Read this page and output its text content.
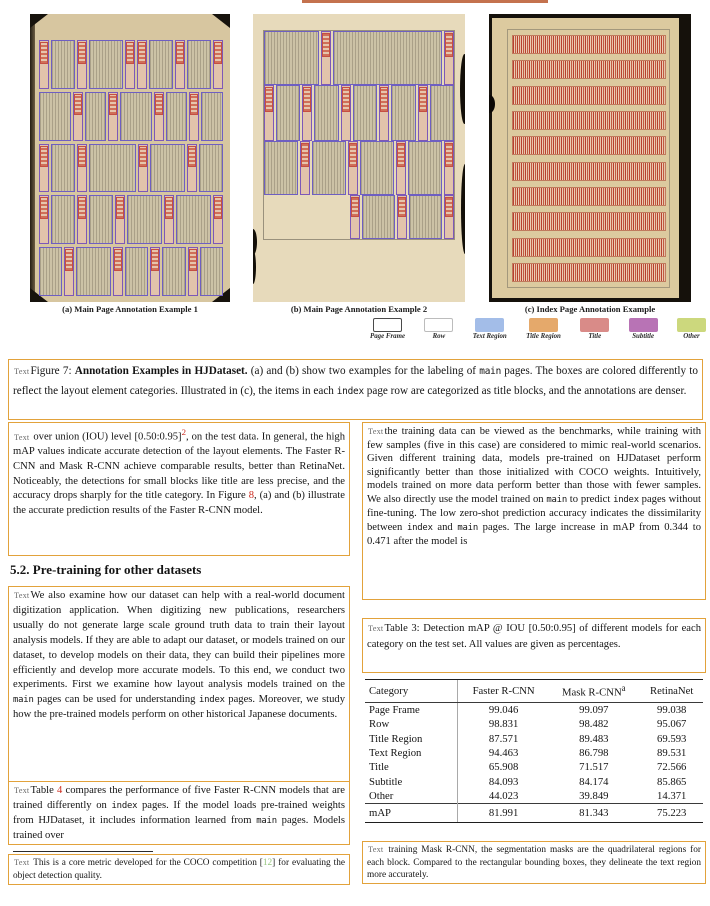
(a) Main Page Annotation Example 1	(b) Main Page Annotation Example 2	(c) Index Page Annotation Example
Page Frame	Row	Text Region	Title Region	Title	Subtitle	Other
TextFigure 7: Annotation Examples in HJDataset. (a) and (b) show two examples for the labeling of main pages. The boxes are colored differently to reflect the layout element categories. Illustrated in (c), the items in each index page row are categorized as title blocks, and the annotations are denser.
Text over union (IOU) level [0.50:0.95]$^2$, on the test data. In general, the high mAP values indicate accurate detection of the layout elements. The Faster R-CNN and Mask R-CNN achieve comparable results, better than RetinaNet. Noticeably, the detections for small blocks like title are less precise, and the accuracy drops sharply for the title category. In Figure 8, (a) and (b) illustrate the accurate prediction results of the Faster R-CNN model.
5.2. Pre-training for other datasets
TextWe also examine how our dataset can help with a real-world document digitization application. When digitizing new publications, researchers usually do not generate large scale ground truth data to train their layout analysis models. If they are able to adapt our dataset, or models trained on our dataset, to develop models on their data, they can build their pipelines more efficiently and develop more accurate models. To this end, we conduct two experiments. First we examine how layout analysis models trained on the main pages can be used for understanding index pages. Moreover, we study how the pre-trained models perform on other historical Japanese documents.
TextTable 4 compares the performance of five Faster R-CNN models that are trained differently on index pages. If the model loads pre-trained weights from HJDataset, it includes information learned from main pages. Models trained over
Text This is a core metric developed for the COCO competition [12] for evaluating the object detection quality.
Textthe training data can be viewed as the benchmarks, while training with few samples (five in this case) are considered to mimic real-world scenarios. Given different training data, models pre-trained on HJDataset perform significantly better than those initialized with COCO weights. Intuitively, models trained on more data perform better than those with fewer samples. We also directly use the model trained on main to predict index pages without fine-tuning. The low zero-shot prediction accuracy indicates the dissimilarity between index and main pages. The large increase in mAP from 0.344 to 0.471 after the model is
TextTable 3: Detection mAP @ IOU [0.50:0.95] of different models for each category on the test set. All values are given as percentages.
Category	Faster R-CNN	Mask R-CNN$^a$	RetinaNet
Page Frame	99.046	99.097	99.038
Row	98.831	98.482	95.067
Title Region	87.571	89.483	69.593
Text Region	94.463	86.798	89.531
Title	65.908	71.517	72.566
Subtitle	84.093	84.174	85.865
Other	44.023	39.849	14.371
mAP	81.991	81.343	75.223
Text training Mask R-CNN, the segmentation masks are the quadrilateral regions for each block. Compared to the rectangular bounding boxes, they delineate the text region more accurately.
